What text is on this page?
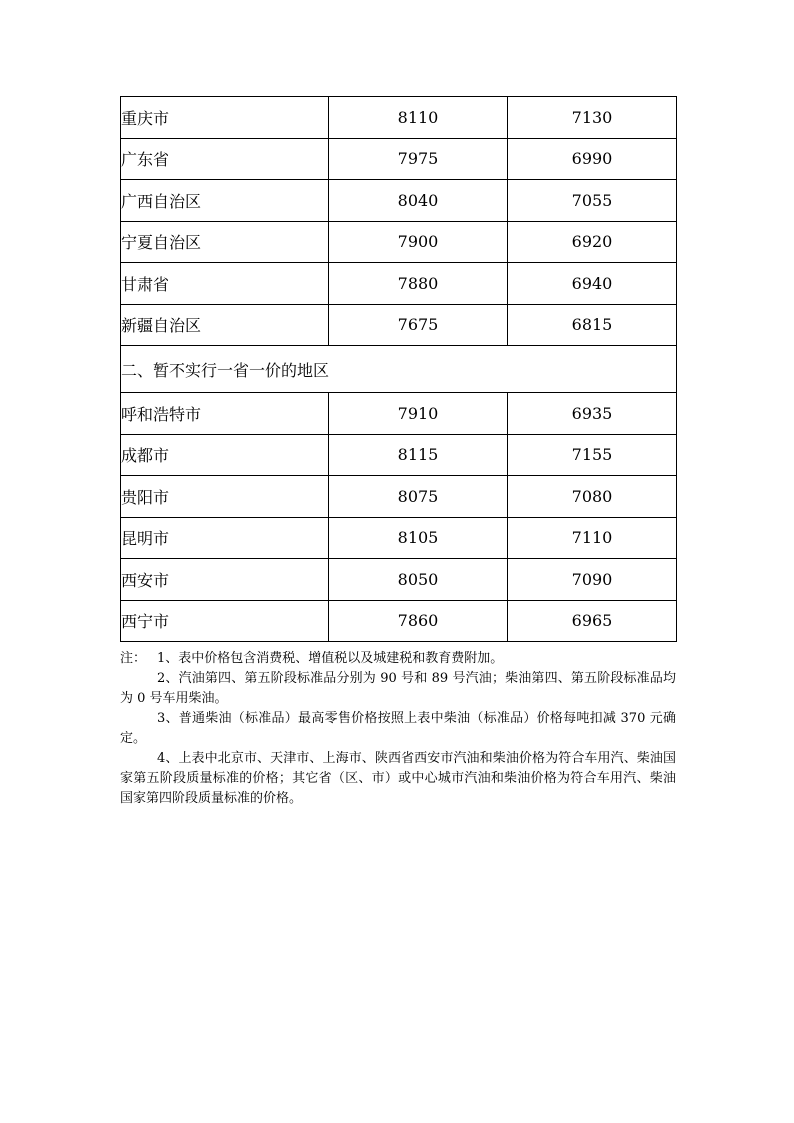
重庆市	8110	7130
广东省	7975	6990
广西自治区	8040	7055
宁夏自治区	7900	6920
甘肃省	7880	6940
新疆自治区	7675	6815
二、暂不实行一省一价的地区		
呼和浩特市	7910	6935
成都市	8115	7155
贵阳市	8075	7080
昆明市	8105	7110
西安市	8050	7090
西宁市	7860	6965

注： 1、表中价格包含消费税、增值税以及城建税和教育费附加。

2、汽油第四、第五阶段标准品分别为 90 号和 89 号汽油；柴油第四、第五阶段标准品均为 0 号车用柴油。

3、普通柴油（标准品）最高零售价格按照上表中柴油（标准品）价格每吨扣减 370 元确定。

4、上表中北京市、天津市、上海市、陕西省西安市汽油和柴油价格为符合车用汽、柴油国家第五阶段质量标准的价格；其它省（区、市）或中心城市汽油和柴油价格为符合车用汽、柴油国家第四阶段质量标准的价格。
